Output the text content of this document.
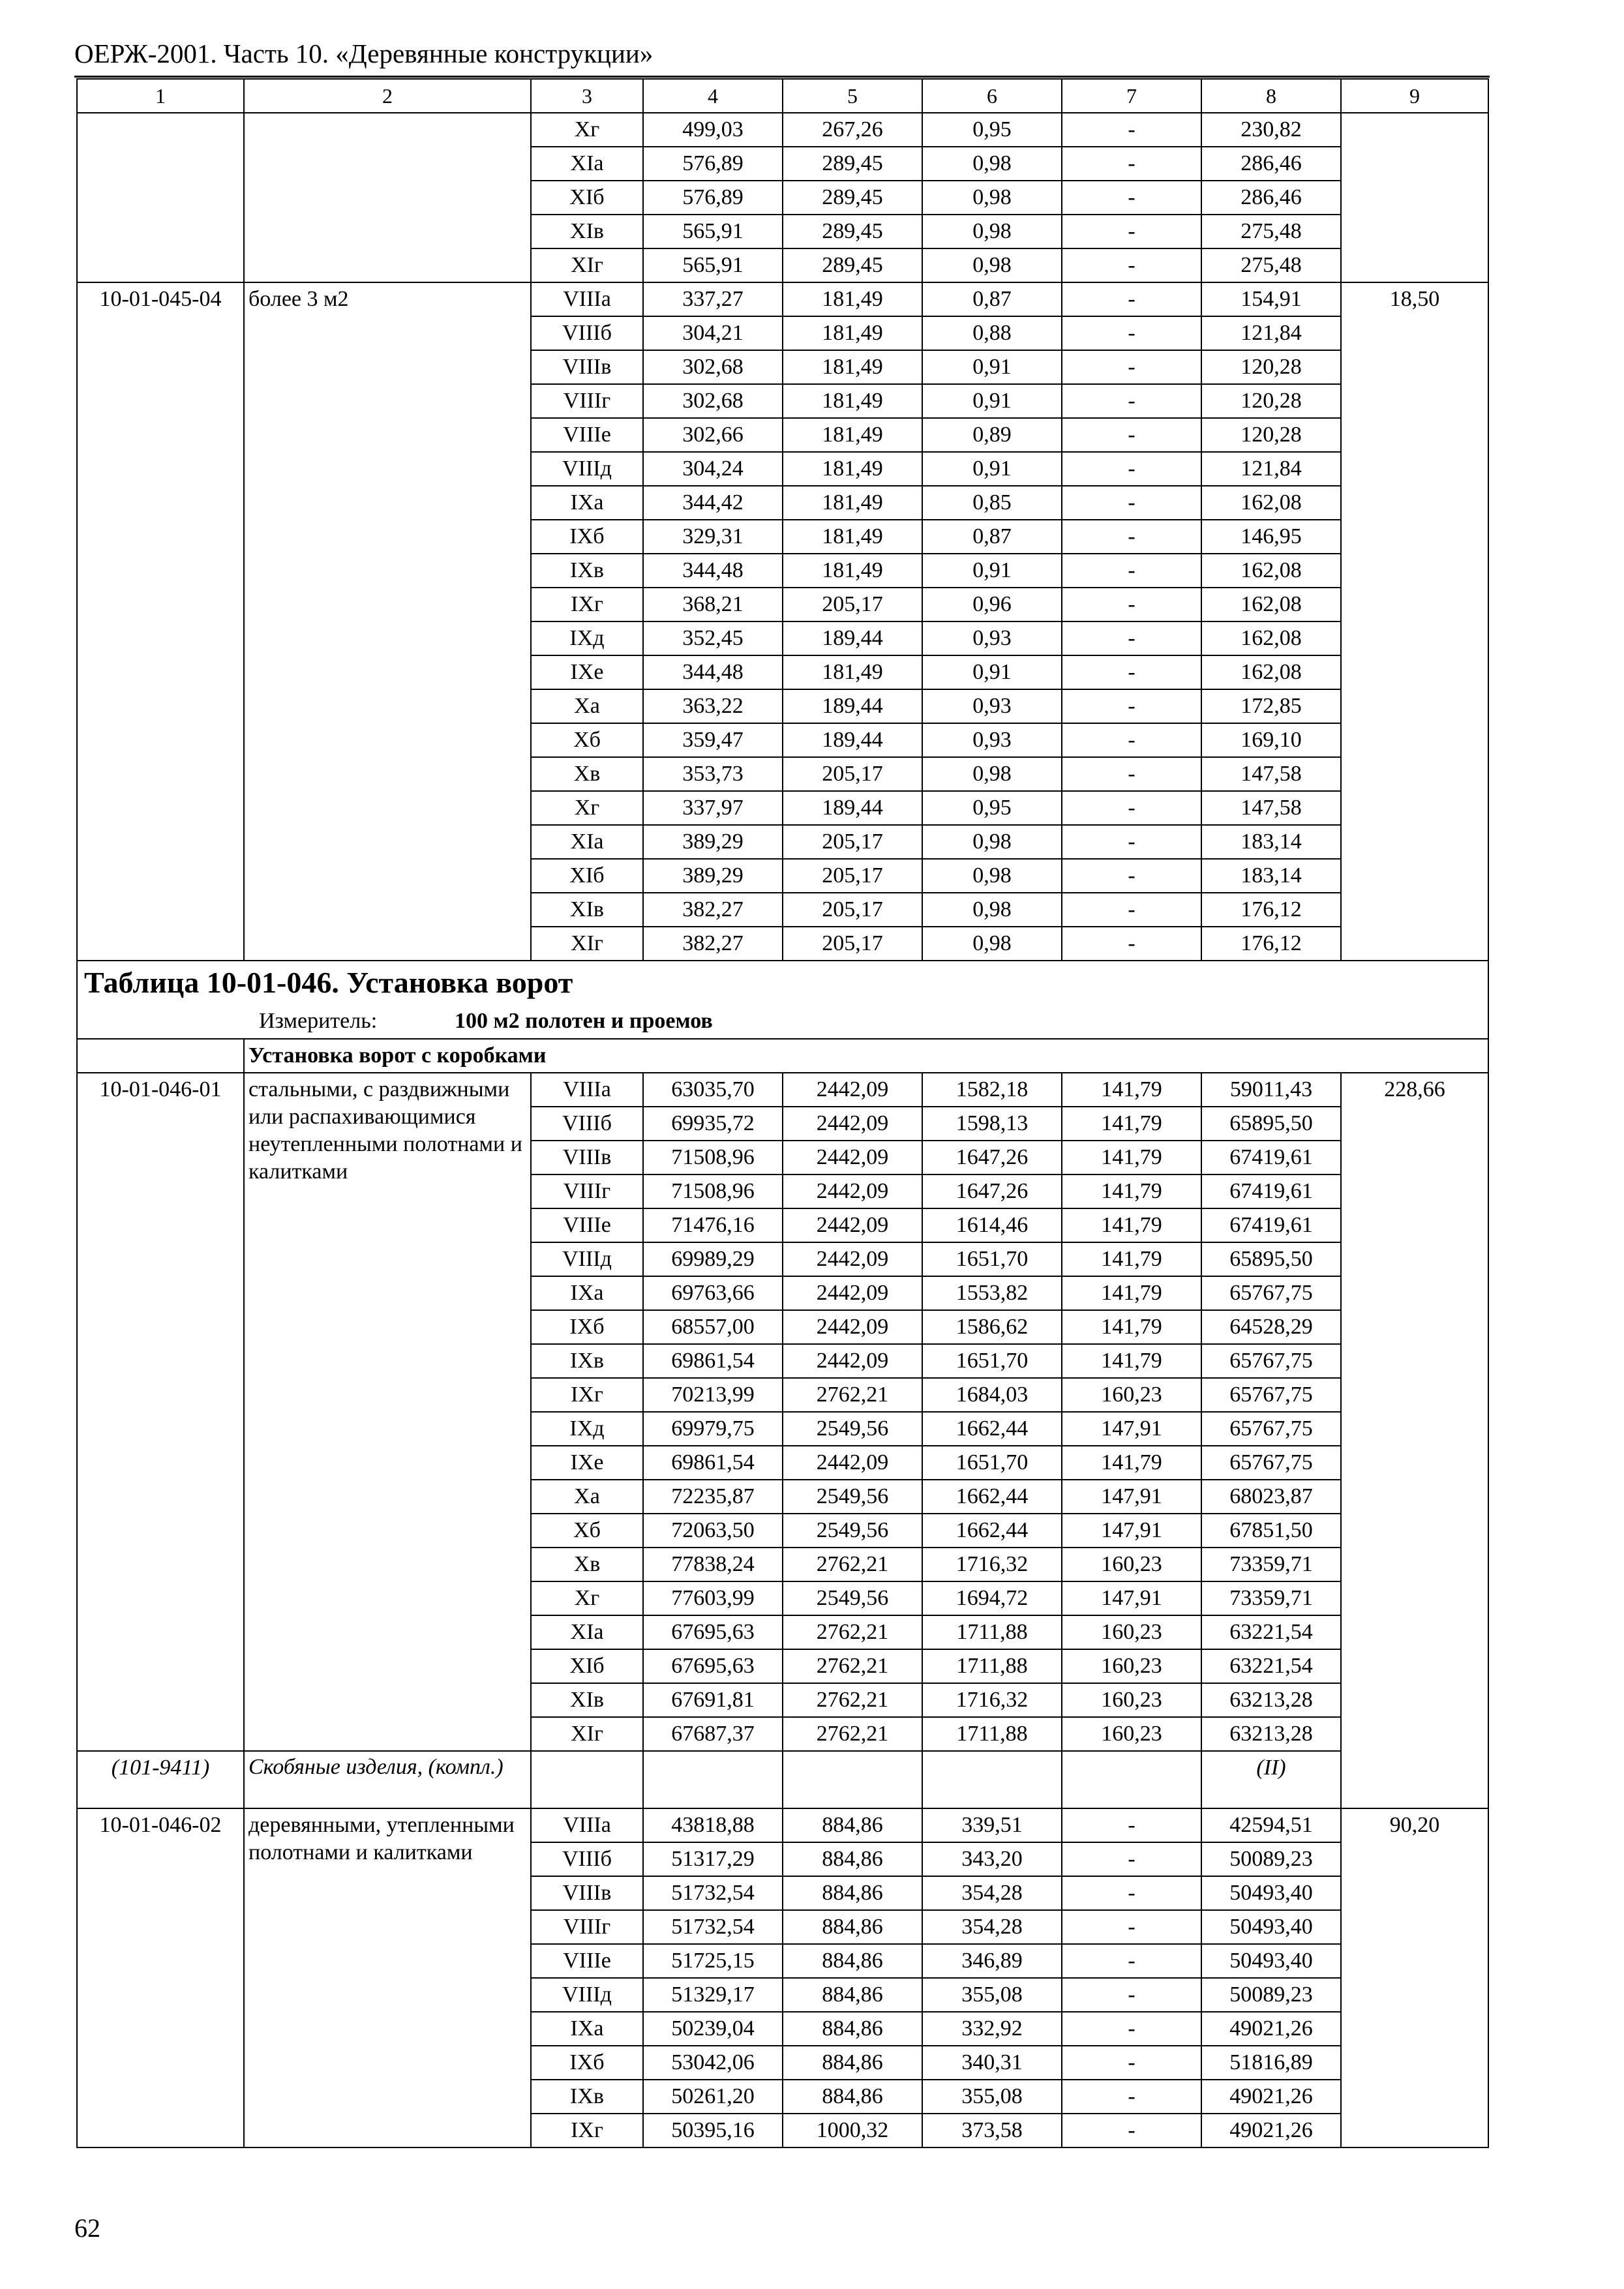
ОЕРЖ-2001. Часть 10. «Деревянные конструкции»
1	2	3	4	5	6	7	8	9
		Xг	499,03	267,26	0,95	-	230,82	
		XIа	576,89	289,45	0,98	-	286,46	
		XIб	576,89	289,45	0,98	-	286,46	
		XIв	565,91	289,45	0,98	-	275,48	
		XIг	565,91	289,45	0,98	-	275,48	
10-01-045-04	более 3 м2	VIIIа	337,27	181,49	0,87	-	154,91	18,50
		VIIIб	304,21	181,49	0,88	-	121,84	
		VIIIв	302,68	181,49	0,91	-	120,28	
		VIIIг	302,68	181,49	0,91	-	120,28	
		VIIIе	302,66	181,49	0,89	-	120,28	
		VIIIд	304,24	181,49	0,91	-	121,84	
		IXа	344,42	181,49	0,85	-	162,08	
		IXб	329,31	181,49	0,87	-	146,95	
		IXв	344,48	181,49	0,91	-	162,08	
		IXг	368,21	205,17	0,96	-	162,08	
		IXд	352,45	189,44	0,93	-	162,08	
		IXе	344,48	181,49	0,91	-	162,08	
		Xа	363,22	189,44	0,93	-	172,85	
		Xб	359,47	189,44	0,93	-	169,10	
		Xв	353,73	205,17	0,98	-	147,58	
		Xг	337,97	189,44	0,95	-	147,58	
		XIа	389,29	205,17	0,98	-	183,14	
		XIб	389,29	205,17	0,98	-	183,14	
		XIв	382,27	205,17	0,98	-	176,12	
		XIг	382,27	205,17	0,98	-	176,12	
Таблица 10-01-046. Установка ворот								
Измеритель: 100 м2 полотен и проемов								
	Установка ворот с коробками							
10-01-046-01	стальными, с раздвижными или распахивающимися неутепленными полотнами и калитками	VIIIа	63035,70	2442,09	1582,18	141,79	59011,43	228,66
		VIIIб	69935,72	2442,09	1598,13	141,79	65895,50	
		VIIIв	71508,96	2442,09	1647,26	141,79	67419,61	
		VIIIг	71508,96	2442,09	1647,26	141,79	67419,61	
		VIIIе	71476,16	2442,09	1614,46	141,79	67419,61	
		VIIIд	69989,29	2442,09	1651,70	141,79	65895,50	
		IXа	69763,66	2442,09	1553,82	141,79	65767,75	
		IXб	68557,00	2442,09	1586,62	141,79	64528,29	
		IXв	69861,54	2442,09	1651,70	141,79	65767,75	
		IXг	70213,99	2762,21	1684,03	160,23	65767,75	
		IXд	69979,75	2549,56	1662,44	147,91	65767,75	
		IXе	69861,54	2442,09	1651,70	141,79	65767,75	
		Xа	72235,87	2549,56	1662,44	147,91	68023,87	
		Xб	72063,50	2549,56	1662,44	147,91	67851,50	
		Xв	77838,24	2762,21	1716,32	160,23	73359,71	
		Xг	77603,99	2549,56	1694,72	147,91	73359,71	
		XIа	67695,63	2762,21	1711,88	160,23	63221,54	
		XIб	67695,63	2762,21	1711,88	160,23	63221,54	
		XIв	67691,81	2762,21	1716,32	160,23	63213,28	
		XIг	67687,37	2762,21	1711,88	160,23	63213,28	
(101-9411)	Скобяные изделия, (компл.)						(II)	
10-01-046-02	деревянными, утепленными полотнами и калитками	VIIIа	43818,88	884,86	339,51	-	42594,51	90,20
		VIIIб	51317,29	884,86	343,20	-	50089,23	
		VIIIв	51732,54	884,86	354,28	-	50493,40	
		VIIIг	51732,54	884,86	354,28	-	50493,40	
		VIIIе	51725,15	884,86	346,89	-	50493,40	
		VIIIд	51329,17	884,86	355,08	-	50089,23	
		IXа	50239,04	884,86	332,92	-	49021,26	
		IXб	53042,06	884,86	340,31	-	51816,89	
		IXв	50261,20	884,86	355,08	-	49021,26	
		IXг	50395,16	1000,32	373,58	-	49021,26	
62
